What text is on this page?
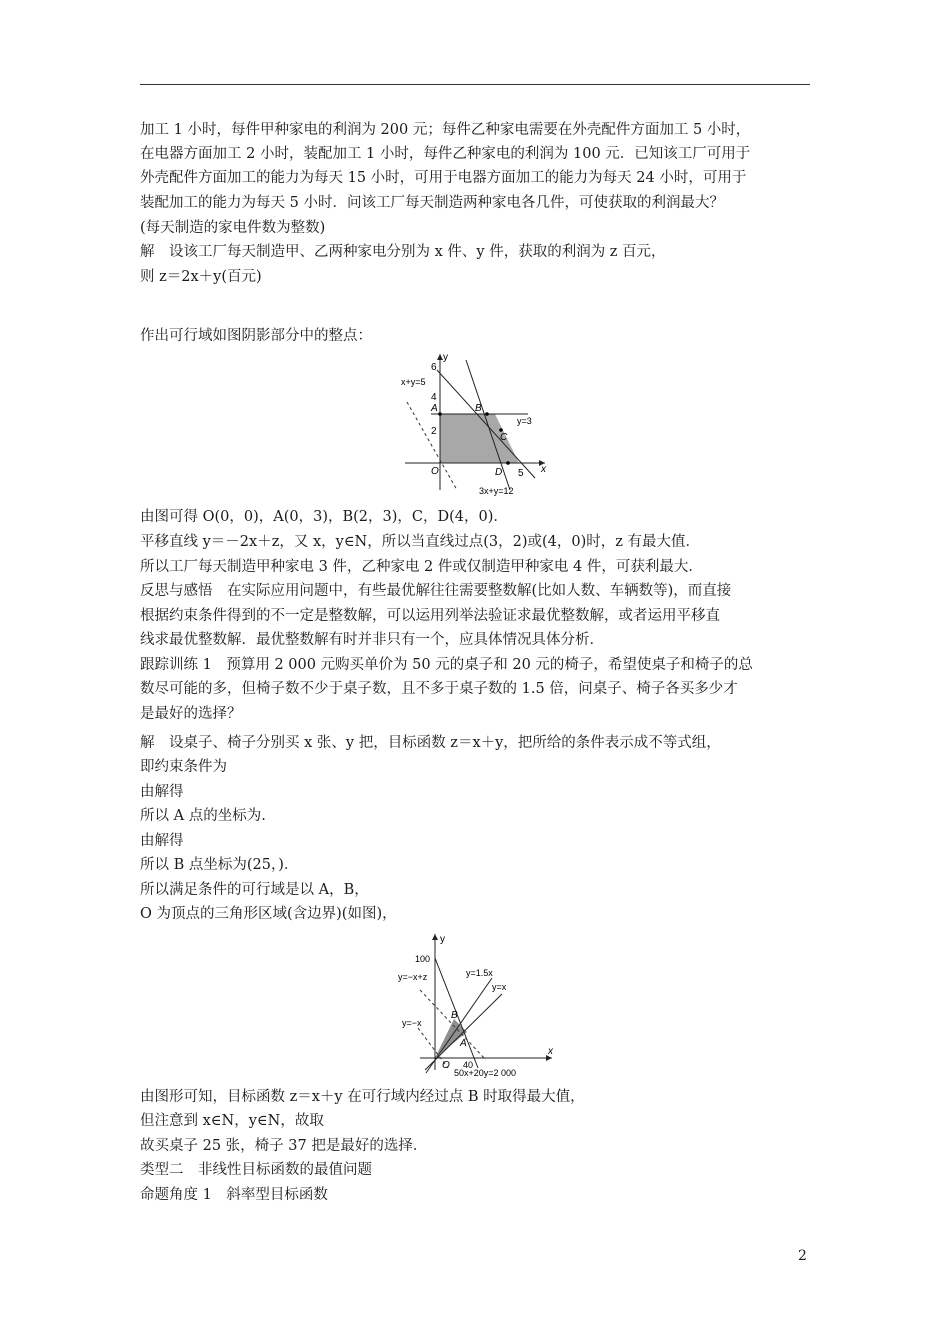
加工 1 小时，每件甲种家电的利润为 200 元；每件乙种家电需要在外壳配件方面加工 5 小时，

在电器方面加工 2 小时，装配加工 1 小时，每件乙种家电的利润为 100 元．已知该工厂可用于

外壳配件方面加工的能力为每天 15 小时，可用于电器方面加工的能力为每天 24 小时，可用于

装配加工的能力为每天 5 小时．问该工厂每天制造两种家电各几件，可使获取的利润最大？

(每天制造的家电件数为整数)

解　设该工厂每天制造甲、乙两种家电分别为 x 件、y 件，获取的利润为 z 百元，

则 z＝2x＋y(百元)

作出可行域如图阴影部分中的整点：

y
x
6
4
2
5
A	B
C
D
O
x+y=5
y=3
3x+y=12

由图可得 O(0，0)，A(0，3)，B(2，3)，C，D(4，0)．

平移直线 y＝－2x＋z，又 x，y∈N，所以当直线过点(3，2)或(4，0)时，z 有最大值．

所以工厂每天制造甲种家电 3 件，乙种家电 2 件或仅制造甲种家电 4 件，可获利最大．

反思与感悟　在实际应用问题中，有些最优解往往需要整数解(比如人数、车辆数等)，而直接

根据约束条件得到的不一定是整数解，可以运用列举法验证求最优整数解，或者运用平移直

线求最优整数解．最优整数解有时并非只有一个，应具体情况具体分析．

跟踪训练 1　预算用 2 000 元购买单价为 50 元的桌子和 20 元的椅子，希望使桌子和椅子的总

数尽可能的多，但椅子数不少于桌子数，且不多于桌子数的 1.5 倍，问桌子、椅子各买多少才

是最好的选择？

解　设桌子、椅子分别买 x 张、y 把，目标函数 z＝x＋y，把所给的条件表示成不等式组，

即约束条件为

由解得

所以 A 点的坐标为.

由解得

所以 B 点坐标为(25，)．

所以满足条件的可行域是以 A，B，

O 为顶点的三角形区域(含边界)(如图)，

y
x
100
40
B
A
O
y=−x+z
y=−x
y=1.5x
y=x
50x+20y=2 000

由图形可知，目标函数 z＝x＋y 在可行域内经过点 B 时取得最大值，

但注意到 x∈N，y∈N，故取

故买桌子 25 张，椅子 37 把是最好的选择．

类型二　非线性目标函数的最值问题

命题角度 1　斜率型目标函数

2
